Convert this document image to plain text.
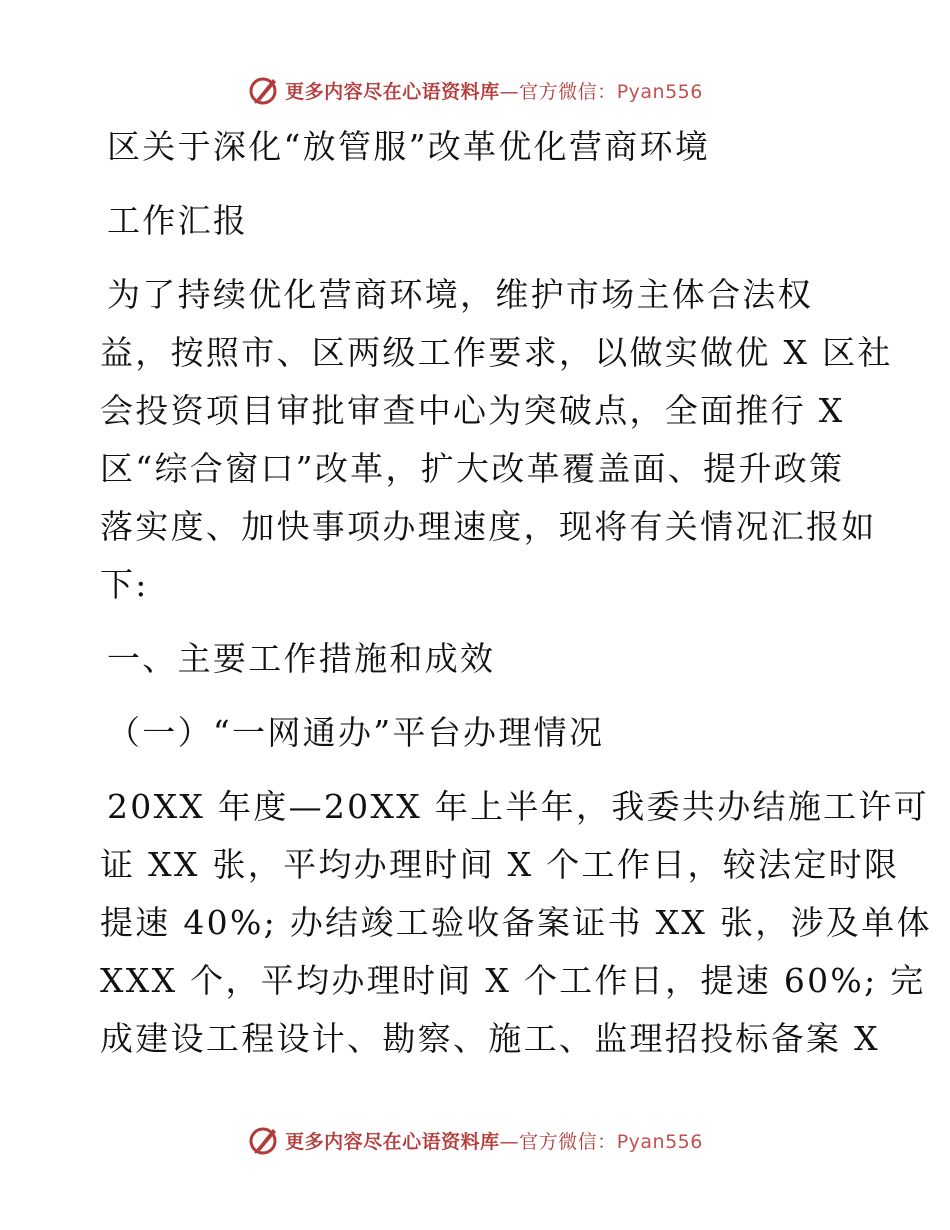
更多内容尽在心语资料库—官方微信：Pyan556
区关于深化“放管服”改革优化营商环境
工作汇报
为了持续优化营商环境，维护市场主体合法权
益，按照市、区两级工作要求，以做实做优 X 区社
会投资项目审批审查中心为突破点，全面推行 X
区“综合窗口”改革，扩大改革覆盖面、提升政策
落实度、加快事项办理速度，现将有关情况汇报如
下:
一、主要工作措施和成效
（一）“一网通办”平台办理情况
20XX 年度—20XX 年上半年，我委共办结施工许可
证 XX 张，平均办理时间 X 个工作日，较法定时限
提速 40%; 办结竣工验收备案证书 XX 张，涉及单体
XXX 个，平均办理时间 X 个工作日，提速 60%; 完
成建设工程设计、勘察、施工、监理招投标备案 X
更多内容尽在心语资料库—官方微信：Pyan556
